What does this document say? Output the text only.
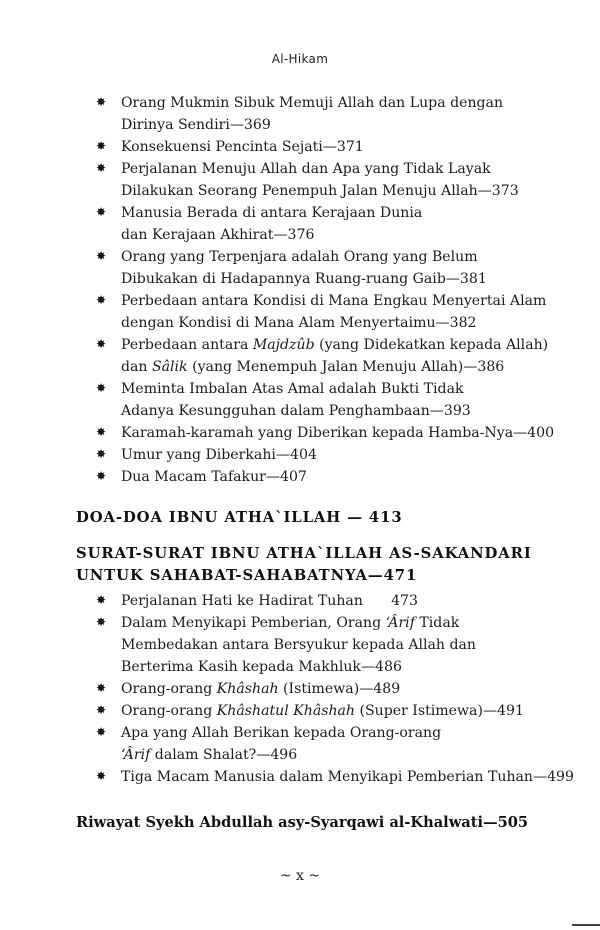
Al-Hikam
✸ Orang Mukmin Sibuk Memuji Allah dan Lupa dengan
Dirinya Sendiri—369
✸ Konsekuensi Pencinta Sejati—371
✸ Perjalanan Menuju Allah dan Apa yang Tidak Layak
Dilakukan Seorang Penempuh Jalan Menuju Allah—373
✸ Manusia Berada di antara Kerajaan Dunia
dan Kerajaan Akhirat—376
✸ Orang yang Terpenjara adalah Orang yang Belum
Dibukakan di Hadapannya Ruang-ruang Gaib—381
✸ Perbedaan antara Kondisi di Mana Engkau Menyertai Alam
dengan Kondisi di Mana Alam Menyertaimu—382
✸ Perbedaan antara Majdzûb (yang Didekatkan kepada Allah)
dan Sâlik (yang Menempuh Jalan Menuju Allah)—386
✸ Meminta Imbalan Atas Amal adalah Bukti Tidak
Adanya Kesungguhan dalam Penghambaan—393
✸ Karamah-karamah yang Diberikan kepada Hamba-Nya—400
✸ Umur yang Diberkahi—404
✸ Dua Macam Tafakur—407
DOA-DOA IBNU ATHA`ILLAH — 413
SURAT-SURAT IBNU ATHA`ILLAH AS-SAKANDARI
UNTUK SAHABAT-SAHABATNYA—471
✸ Perjalanan Hati ke Hadirat Tuhan  473
✸ Dalam Menyikapi Pemberian, Orang ‘Ârif Tidak
Membedakan antara Bersyukur kepada Allah dan
Berterima Kasih kepada Makhluk—486
✸ Orang-orang Khâshah (Istimewa)—489
✸ Orang-orang Khâshatul Khâshah (Super Istimewa)—491
✸ Apa yang Allah Berikan kepada Orang-orang
‘Ârif dalam Shalat?—496
✸ Tiga Macam Manusia dalam Menyikapi Pemberian Tuhan—499
Riwayat Syekh Abdullah asy-Syarqawi al-Khalwati—505
~ x ~
